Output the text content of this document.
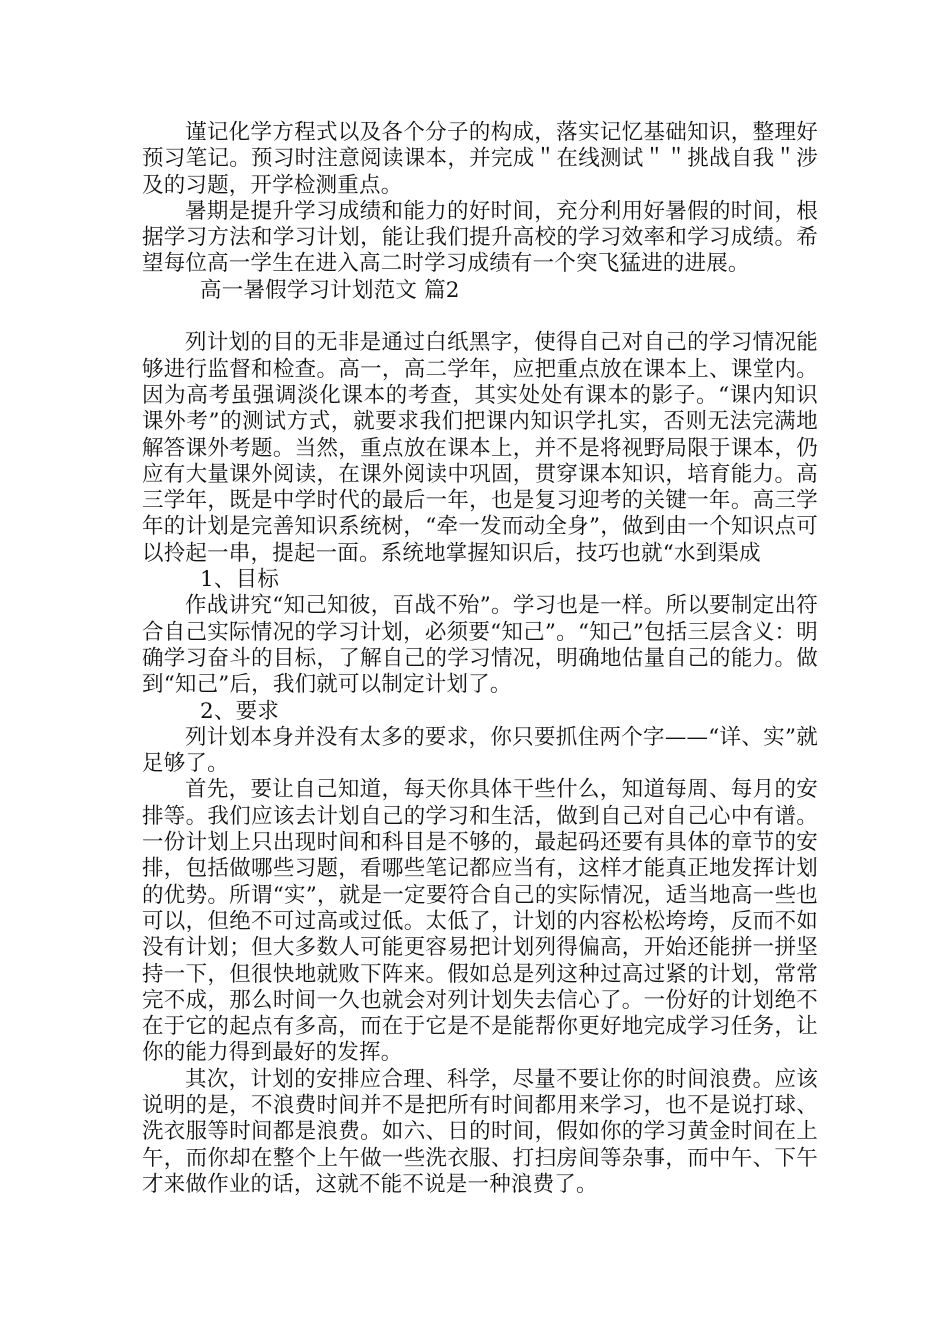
谨记化学方程式以及各个分子的构成，落实记忆基础知识，整理好预习笔记。预习时注意阅读课本，并完成＂在线测试＂＂挑战自我＂涉及的习题，开学检测重点。

暑期是提升学习成绩和能力的好时间，充分利用好暑假的时间，根据学习方法和学习计划，能让我们提升高校的学习效率和学习成绩。希望每位高一学生在进入高二时学习成绩有一个突飞猛进的进展。

高一暑假学习计划范文 篇2

列计划的目的无非是通过白纸黑字，使得自己对自己的学习情况能够进行监督和检查。高一，高二学年，应把重点放在课本上、课堂内。因为高考虽强调淡化课本的考查，其实处处有课本的影子。“课内知识课外考”的测试方式，就要求我们把课内知识学扎实，否则无法完满地解答课外考题。当然，重点放在课本上，并不是将视野局限于课本，仍应有大量课外阅读，在课外阅读中巩固，贯穿课本知识，培育能力。高三学年，既是中学时代的最后一年，也是复习迎考的关键一年。高三学年的计划是完善知识系统树，“牵一发而动全身”，做到由一个知识点可以拎起一串，提起一面。系统地掌握知识后，技巧也就“水到渠成

1、目标

作战讲究“知己知彼，百战不殆”。学习也是一样。所以要制定出符合自己实际情况的学习计划，必须要“知己”。“知己”包括三层含义：明确学习奋斗的目标，了解自己的学习情况，明确地估量自己的能力。做到“知己”后，我们就可以制定计划了。

2、要求

列计划本身并没有太多的要求，你只要抓住两个字——“详、实”就足够了。

首先，要让自己知道，每天你具体干些什么，知道每周、每月的安排等。我们应该去计划自己的学习和生活，做到自己对自己心中有谱。一份计划上只出现时间和科目是不够的，最起码还要有具体的章节的安排，包括做哪些习题，看哪些笔记都应当有，这样才能真正地发挥计划的优势。所谓“实”，就是一定要符合自己的实际情况，适当地高一些也可以，但绝不可过高或过低。太低了，计划的内容松松垮垮，反而不如没有计划；但大多数人可能更容易把计划列得偏高，开始还能拼一拼坚持一下，但很快地就败下阵来。假如总是列这种过高过紧的计划，常常完不成，那么时间一久也就会对列计划失去信心了。一份好的计划绝不在于它的起点有多高，而在于它是不是能帮你更好地完成学习任务，让你的能力得到最好的发挥。

其次，计划的安排应合理、科学，尽量不要让你的时间浪费。应该说明的是，不浪费时间并不是把所有时间都用来学习，也不是说打球、洗衣服等时间都是浪费。如六、日的时间，假如你的学习黄金时间在上午，而你却在整个上午做一些洗衣服、打扫房间等杂事，而中午、下午才来做作业的话，这就不能不说是一种浪费了。
